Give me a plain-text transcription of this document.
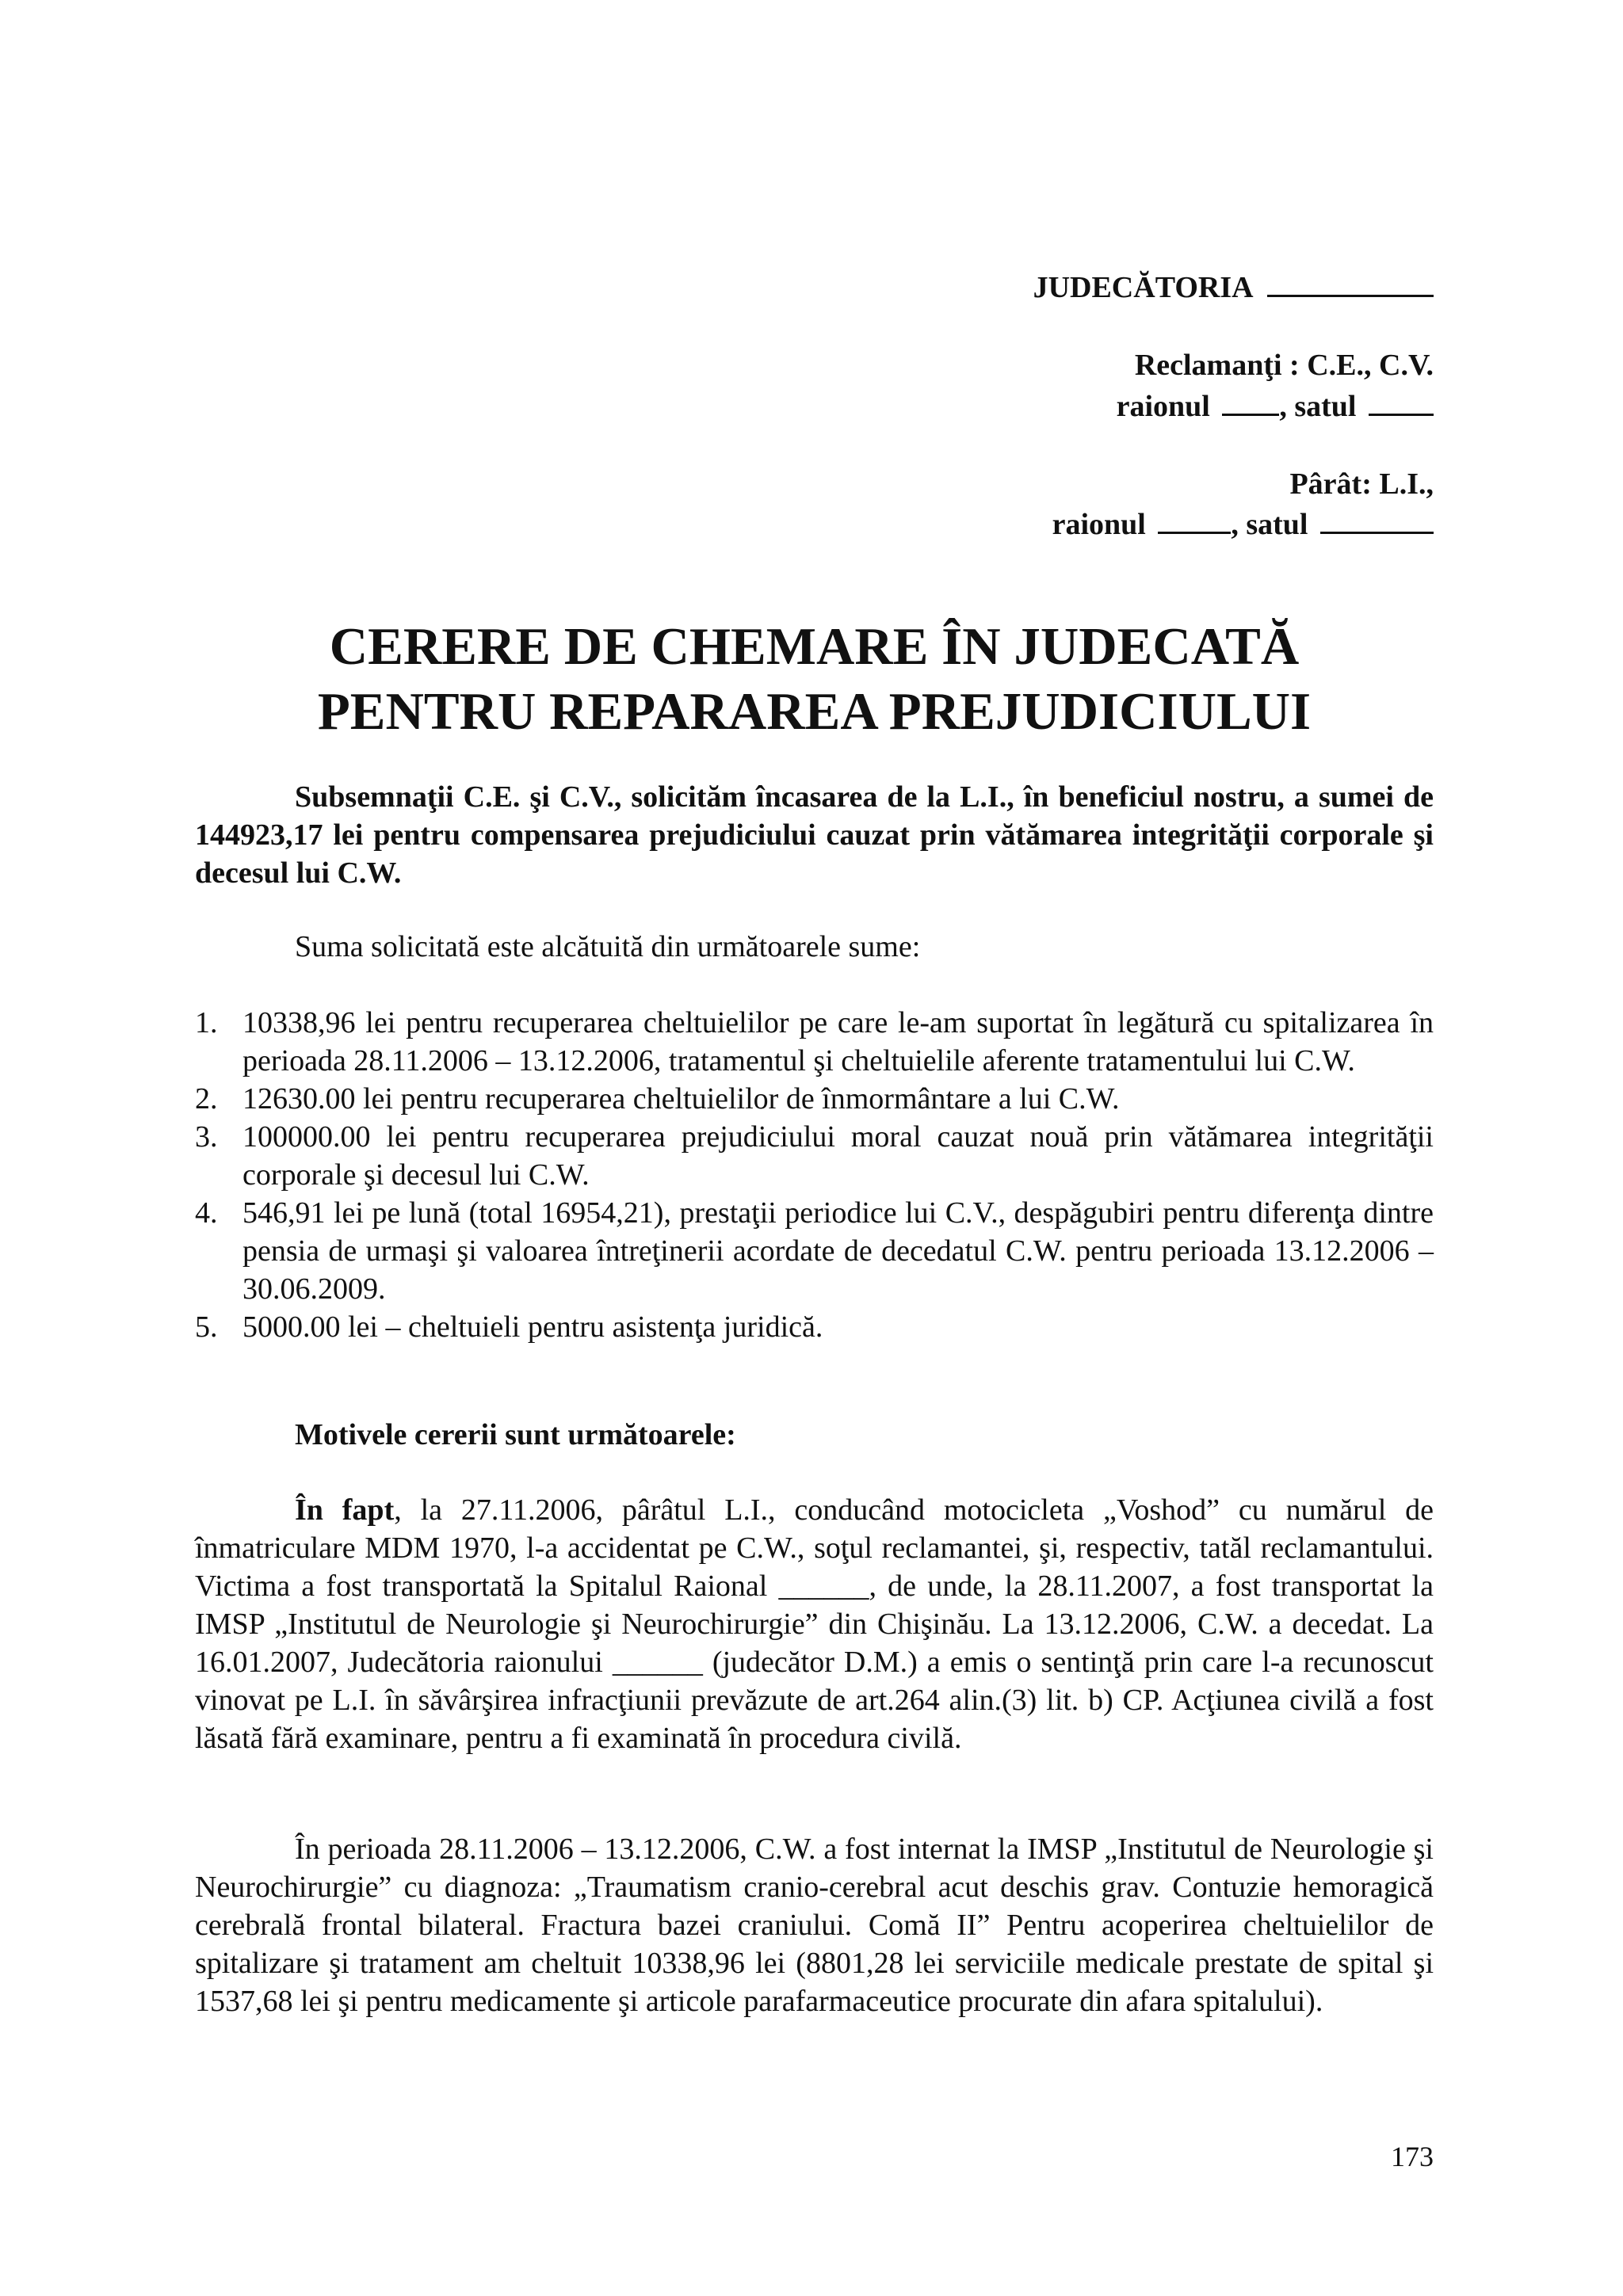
JUDECĂTORIA
Reclamanţi : C.E., C.V.
raionul , satul
Pârât: L.I.,
raionul	, satul
CERERE DE CHEMARE ÎN JUDECATĂ
PENTRU REPARAREA PREJUDICIULUI
Subsemnaţii C.E. şi C.V., solicităm încasarea de la L.I., în beneficiul nostru, a sumei de 144923,17 lei pentru compensarea prejudiciului cauzat prin vătămarea integrităţii corporale şi decesul lui C.W.
Suma solicitată este alcătuită din următoarele sume:
1. 10338,96 lei pentru recuperarea cheltuielilor pe care le-am suportat în legătură cu spitalizarea în perioada 28.11.2006 – 13.12.2006, tratamentul şi cheltuielile aferente tratamentului lui C.W.
2. 12630.00 lei pentru recuperarea cheltuielilor de înmormântare a lui C.W.
3. 100000.00 lei pentru recuperarea prejudiciului moral cauzat nouă prin vătămarea integrităţii corporale şi decesul lui C.W.
4. 546,91 lei pe lună (total 16954,21), prestaţii periodice lui C.V., despăgubiri pentru diferenţa dintre pensia de urmaşi şi valoarea întreţinerii acordate de decedatul C.W. pentru perioada 13.12.2006 – 30.06.2009.
5. 5000.00 lei – cheltuieli pentru asistenţa juridică.
Motivele cererii sunt următoarele:
În fapt, la 27.11.2006, pârâtul L.I., conducând motocicleta „Voshod” cu numărul de înmatriculare MDM 1970, l-a accidentat pe C.W., soţul reclamantei, şi, respectiv, tatăl reclamantului. Victima a fost transportată la Spitalul Raional ______, de unde, la 28.11.2007, a fost transportat la IMSP „Institutul de Neurologie şi Neurochirurgie” din Chişinău. La 13.12.2006, C.W. a decedat. La 16.01.2007, Judecătoria raionului ______ (judecător D.M.) a emis o sentinţă prin care l-a recunoscut vinovat pe L.I. în săvârşirea infracţiunii prevăzute de art.264 alin.(3) lit. b) CP. Acţiunea civilă a fost lăsată fără examinare, pentru a fi examinată în procedura civilă.
În perioada 28.11.2006 – 13.12.2006, C.W. a fost internat la IMSP „Institutul de Neurologie şi Neurochirurgie” cu diagnoza: „Traumatism cranio-cerebral acut deschis grav. Contuzie hemoragică cerebrală frontal bilateral. Fractura bazei craniului. Comă II” Pentru acoperirea cheltuielilor de spitalizare şi tratament am cheltuit 10338,96 lei (8801,28 lei serviciile medicale prestate de spital şi 1537,68 lei şi pentru medicamente şi articole parafarmaceutice procurate din afara spitalului).
173
